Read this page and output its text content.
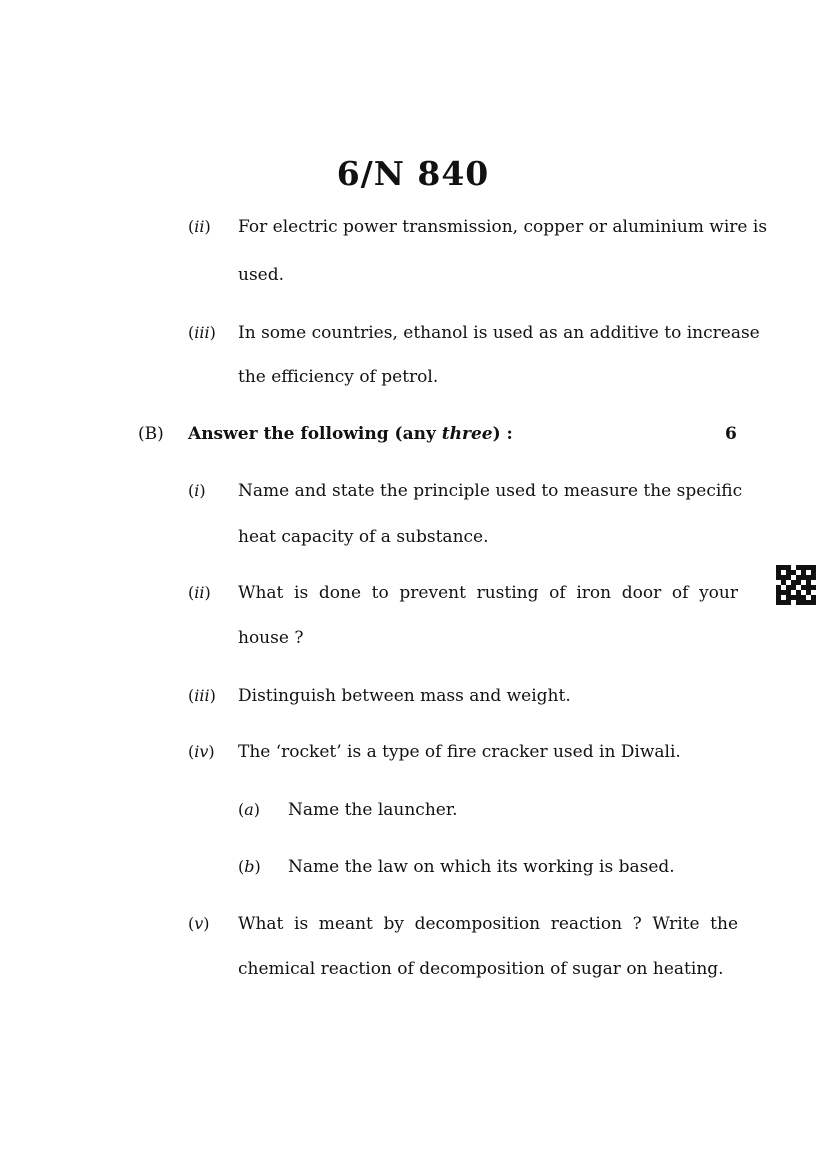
6/N 840
(ii) For electric power transmission, copper or aluminium wire is
used.
(iii) In some countries, ethanol is used as an additive to increase
the efficiency of petrol.
(B) Answer the following (any three) :	6
(i) Name and state the principle used to measure the specific
heat capacity of a substance.
(ii) What is done to prevent rusting of iron door of your
house ?
(iii) Distinguish between mass and weight.
(iv) The ‘rocket’ is a type of fire cracker used in Diwali.
(a) Name the launcher.
(b) Name the law on which its working is based.
(v) What is meant by decomposition reaction ? Write the
chemical reaction of decomposition of sugar on heating.
